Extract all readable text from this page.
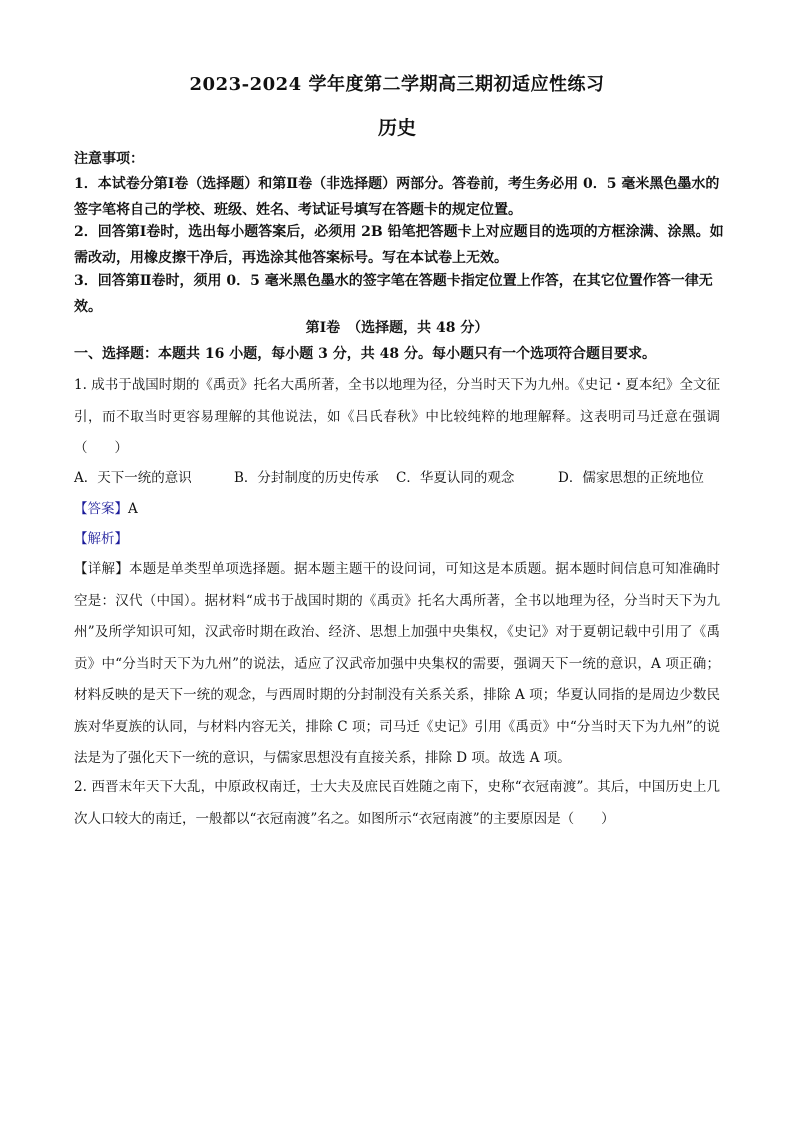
2023-2024 学年度第二学期高三期初适应性练习
历史
注意事项：
1．本试卷分第Ⅰ卷（选择题）和第Ⅱ卷（非选择题）两部分。答卷前，考生务必用 0．5 毫米黑色墨水的签字笔将自己的学校、班级、姓名、考试证号填写在答题卡的规定位置。
2．回答第Ⅰ卷时，选出每小题答案后，必须用 2B 铅笔把答题卡上对应题目的选项的方框涂满、涂黑。如需改动，用橡皮擦干净后，再选涂其他答案标号。写在本试卷上无效。
3．回答第Ⅱ卷时，须用 0．5 毫米黑色墨水的签字笔在答题卡指定位置上作答，在其它位置作答一律无效。
第Ⅰ卷　（选择题，共 48 分）
一、选择题：本题共 16 小题，每小题 3 分，共 48 分。每小题只有一个选项符合题目要求。
1. 成书于战国时期的《禹贡》托名大禹所著，全书以地理为径，分当时天下为九州。《史记・夏本纪》全文征引，而不取当时更容易理解的其他说法，如《吕氏春秋》中比较纯粹的地理解释。这表明司马迁意在强调（　　）
A．天下一统的意识	B．分封制度的历史传承 C．华夏认同的观念	D．儒家思想的正统地位
【答案】A
【解析】
【详解】本题是单类型单项选择题。据本题主题干的设问词，可知这是本质题。据本题时间信息可知准确时空是：汉代（中国）。据材料“成书于战国时期的《禹贡》托名大禹所著，全书以地理为径，分当时天下为九州”及所学知识可知，汉武帝时期在政治、经济、思想上加强中央集权，《史记》对于夏朝记载中引用了《禹贡》中“分当时天下为九州”的说法，适应了汉武帝加强中央集权的需要，强调天下一统的意识，A 项正确；材料反映的是天下一统的观念，与西周时期的分封制没有关系关系，排除 A 项；华夏认同指的是周边少数民族对华夏族的认同，与材料内容无关，排除 C 项；司马迁《史记》引用《禹贡》中“分当时天下为九州”的说法是为了强化天下一统的意识，与儒家思想没有直接关系，排除 D 项。故选 A 项。
2. 西晋末年天下大乱，中原政权南迁，士大夫及庶民百姓随之南下，史称“衣冠南渡”。其后，中国历史上几次人口较大的南迁，一般都以“衣冠南渡”名之。如图所示“衣冠南渡”的主要原因是（　　）
